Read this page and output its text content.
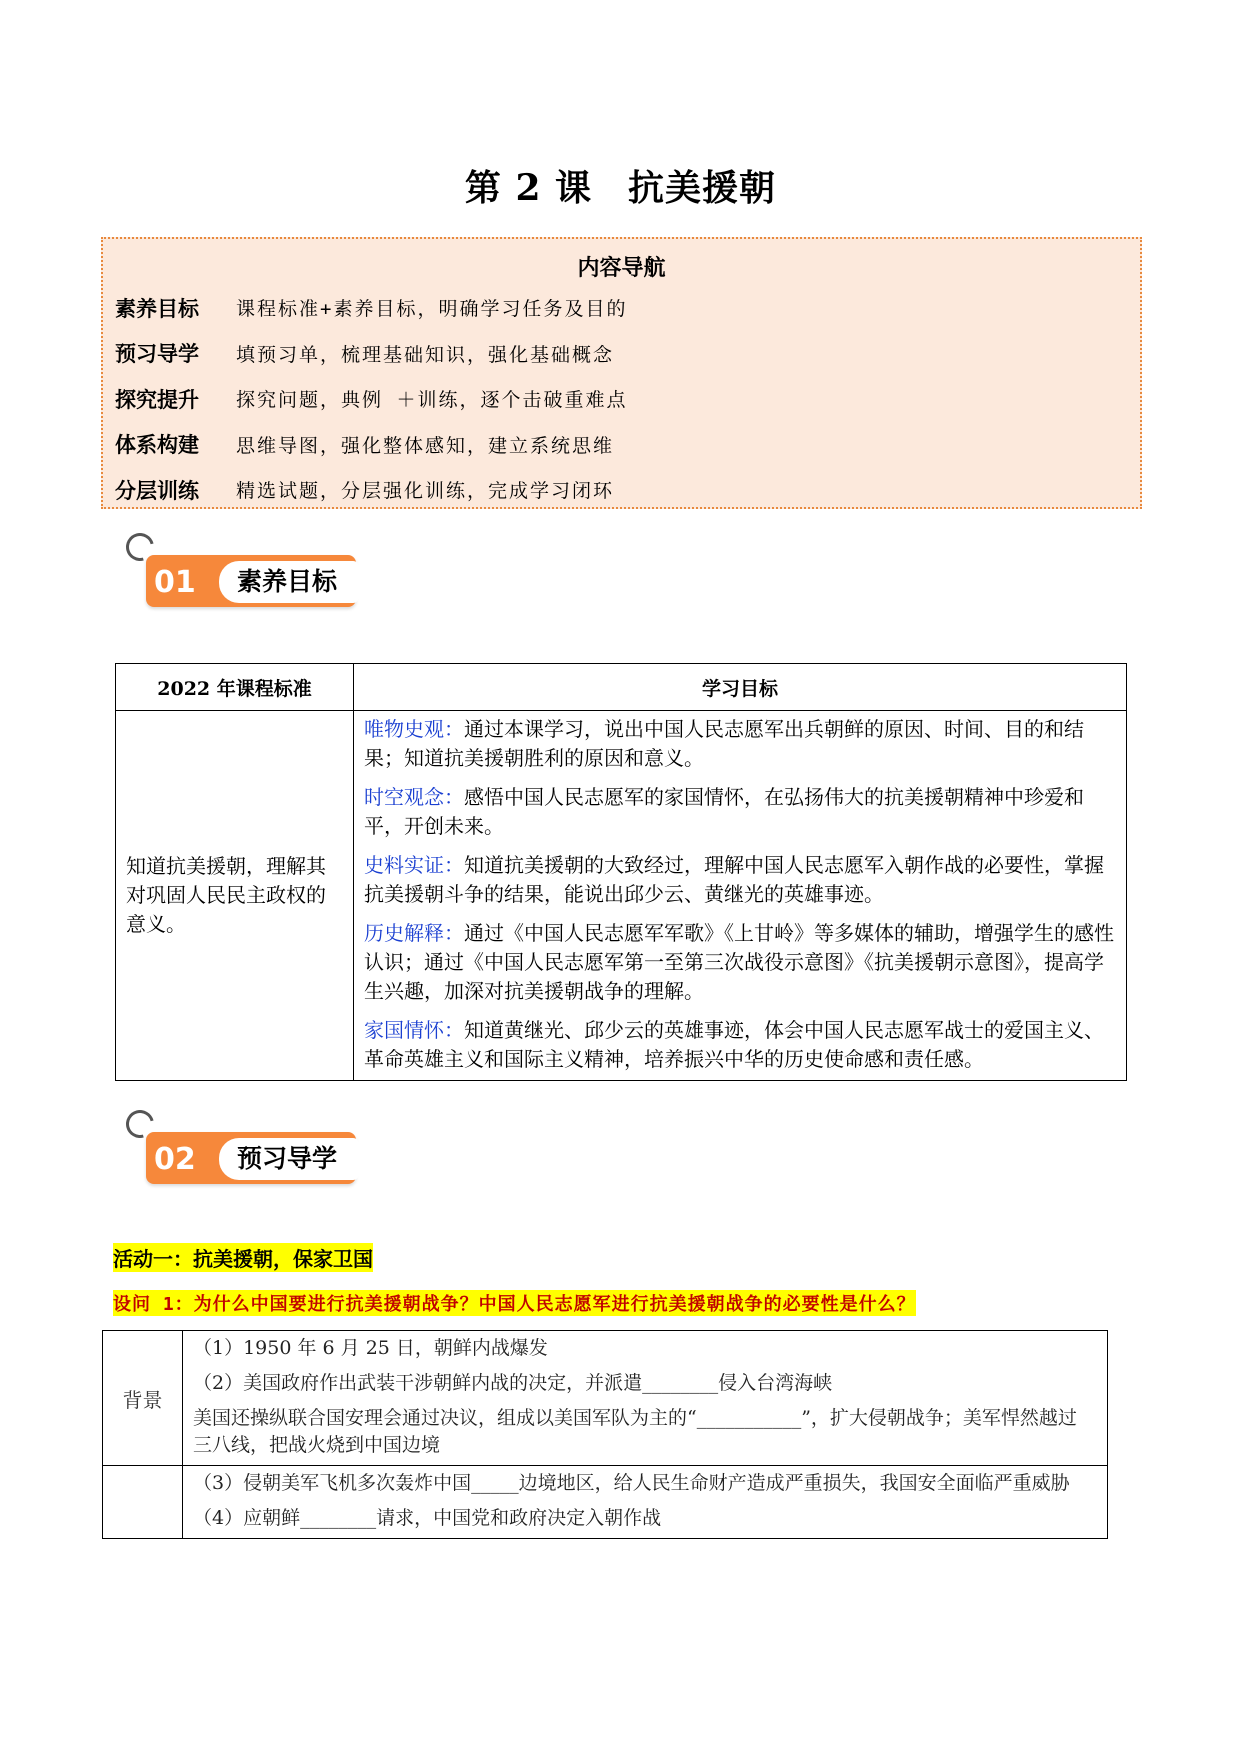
第 2 课 抗美援朝
内容导航
素养目标	课程标准+素养目标，明确学习任务及目的
预习导学	填预习单，梳理基础知识，强化基础概念
探究提升	探究问题，典例 ＋训练，逐个击破重难点
体系构建	思维导图，强化整体感知，建立系统思维
分层训练	精选试题，分层强化训练，完成学习闭环
01	素养目标
2022 年课程标准	学习目标
知道抗美援朝，理解其对巩固人民民主政权的意义。	唯物史观：通过本课学习，说出中国人民志愿军出兵朝鲜的原因、时间、目的和结果；知道抗美援朝胜利的原因和意义。

时空观念：感悟中国人民志愿军的家国情怀，在弘扬伟大的抗美援朝精神中珍爱和平，开创未来。

史料实证：知道抗美援朝的大致经过，理解中国人民志愿军入朝作战的必要性，掌握抗美援朝斗争的结果，能说出邱少云、黄继光的英雄事迹。

历史解释：通过《中国人民志愿军军歌》《上甘岭》等多媒体的辅助，增强学生的感性认识；通过《中国人民志愿军第一至第三次战役示意图》《抗美援朝示意图》，提高学生兴趣，加深对抗美援朝战争的理解。

家国情怀：知道黄继光、邱少云的英雄事迹，体会中国人民志愿军战士的爱国主义、革命英雄主义和国际主义精神，培养振兴中华的历史使命感和责任感。

02	预习导学
活动一：抗美援朝，保家卫国
设问 1：为什么中国要进行抗美援朝战争？中国人民志愿军进行抗美援朝战争的必要性是什么？
背景	（1）1950 年 6 月 25 日，朝鲜内战爆发

（2）美国政府作出武装干涉朝鲜内战的决定，并派遣________侵入台湾海峡

美国还操纵联合国安理会通过决议，组成以美国军队为主的“___________”，扩大侵朝战争；美军悍然越过三八线，把战火烧到中国边境

	（3）侵朝美军飞机多次轰炸中国_____边境地区，给人民生命财产造成严重损失，我国安全面临严重威胁

（4）应朝鲜________请求，中国党和政府决定入朝作战
